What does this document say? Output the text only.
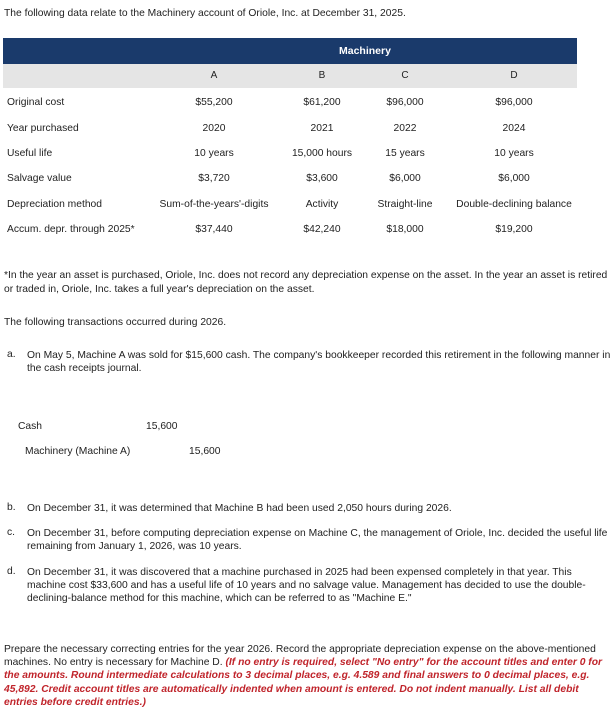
The following data relate to the Machinery account of Oriole, Inc. at December 31, 2025.

Machinery
A	B	C	D
Original cost	$55,200	$61,200	$96,000	$96,000
Year purchased	2020	2021	2022	2024
Useful life	10 years	15,000 hours	15 years	10 years
Salvage value	$3,720	$3,600	$6,000	$6,000
Depreciation method	Sum-of-the-years'-digits	Activity	Straight-line	Double-declining balance
Accum. depr. through 2025*	$37,440	$42,240	$18,000	$19,200

*In the year an asset is purchased, Oriole, Inc. does not record any depreciation expense on the asset. In the year an asset is retired or traded in, Oriole, Inc. takes a full year's depreciation on the asset.

The following transactions occurred during 2026.

a. On May 5, Machine A was sold for $15,600 cash. The company's bookkeeper recorded this retirement in the following manner in the cash receipts journal.
Cash	15,600
Machinery (Machine A)	15,600
b. On December 31, it was determined that Machine B had been used 2,050 hours during 2026.
c. On December 31, before computing depreciation expense on Machine C, the management of Oriole, Inc. decided the useful life remaining from January 1, 2026, was 10 years.
d. On December 31, it was discovered that a machine purchased in 2025 had been expensed completely in that year. This machine cost $33,600 and has a useful life of 10 years and no salvage value. Management has decided to use the double-declining-balance method for this machine, which can be referred to as "Machine E."

Prepare the necessary correcting entries for the year 2026. Record the appropriate depreciation expense on the above-mentioned machines. No entry is necessary for Machine D. (If no entry is required, select "No entry" for the account titles and enter 0 for the amounts. Round intermediate calculations to 3 decimal places, e.g. 4.589 and final answers to 0 decimal places, e.g. 45,892. Credit account titles are automatically indented when amount is entered. Do not indent manually. List all debit entries before credit entries.)
